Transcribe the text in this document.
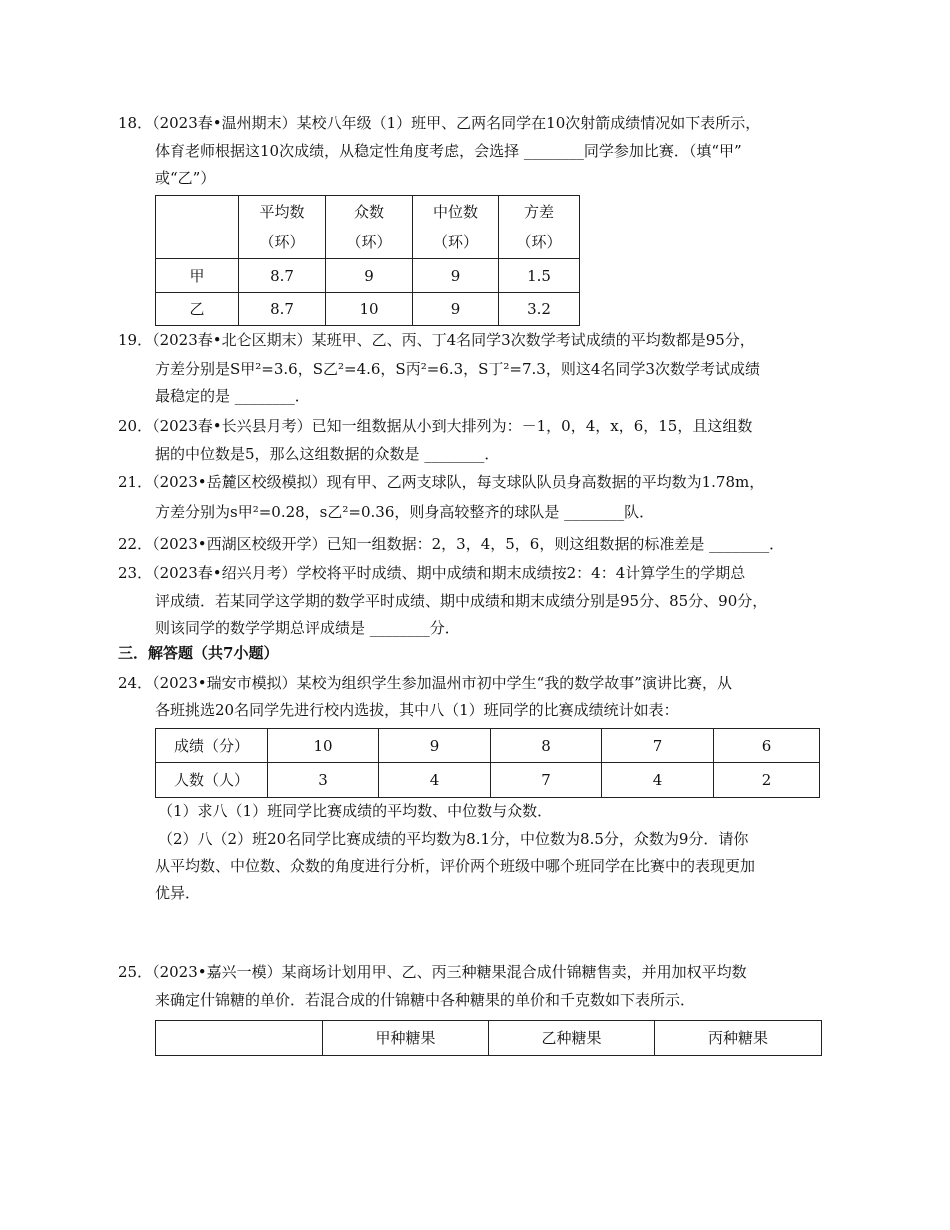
18．（2023春•温州期末）某校八年级（1）班甲、乙两名同学在10次射箭成绩情况如下表所示，
体育老师根据这10次成绩，从稳定性角度考虑，会选择 ________同学参加比赛．（填“甲”
或“乙”）
	平均数（环）	众数（环）	中位数（环）	方差（环）
甲	8.7	9	9	1.5
乙	8.7	10	9	3.2
19．（2023春•北仑区期末）某班甲、乙、丙、丁4名同学3次数学考试成绩的平均数都是95分，
方差分别是S甲²=3.6，S乙²=4.6，S丙²=6.3，S丁²=7.3，则这4名同学3次数学考试成绩
最稳定的是 ________．
20．（2023春•长兴县月考）已知一组数据从小到大排列为：－1，0，4，x，6，15，且这组数
据的中位数是5，那么这组数据的众数是 ________．
21．（2023•岳麓区校级模拟）现有甲、乙两支球队，每支球队队员身高数据的平均数为1.78m，
方差分别为s甲²=0.28，s乙²=0.36，则身高较整齐的球队是 ________队．
22．（2023•西湖区校级开学）已知一组数据：2，3，4，5，6，则这组数据的标准差是 ________．
23．（2023春•绍兴月考）学校将平时成绩、期中成绩和期末成绩按2：4：4计算学生的学期总
评成绩．若某同学这学期的数学平时成绩、期中成绩和期末成绩分别是95分、85分、90分，
则该同学的数学学期总评成绩是 ________分．
三．解答题（共7小题）
24．（2023•瑞安市模拟）某校为组织学生参加温州市初中学生“我的数学故事”演讲比赛，从
各班挑选20名同学先进行校内选拔，其中八（1）班同学的比赛成绩统计如表：
成绩（分）	10	9	8	7	6
人数（人）	3	4	7	4	2
（1）求八（1）班同学比赛成绩的平均数、中位数与众数．
（2）八（2）班20名同学比赛成绩的平均数为8.1分，中位数为8.5分，众数为9分．请你
从平均数、中位数、众数的角度进行分析，评价两个班级中哪个班同学在比赛中的表现更加
优异．
25．（2023•嘉兴一模）某商场计划用甲、乙、丙三种糖果混合成什锦糖售卖，并用加权平均数
来确定什锦糖的单价．若混合成的什锦糖中各种糖果的单价和千克数如下表所示．
	甲种糖果	乙种糖果	丙种糖果
